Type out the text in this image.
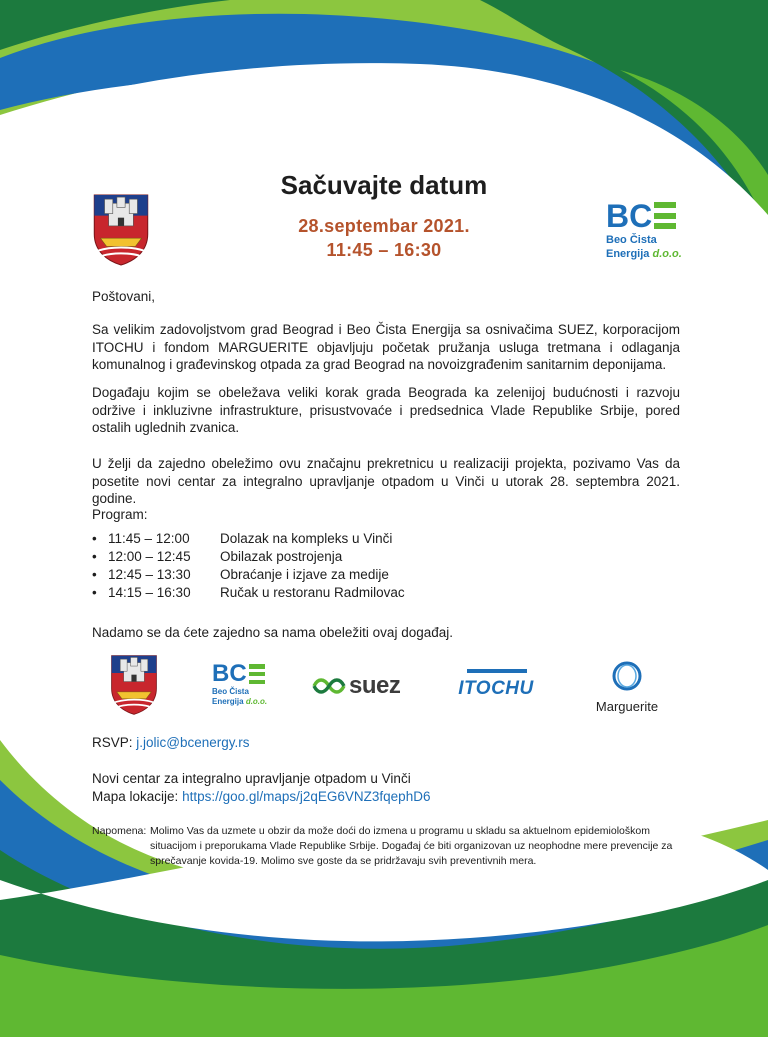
Sačuvajte datum
28.septembar 2021.
11:45 – 16:30
BC
Beo Čista
Energija d.o.o.
Poštovani,

Sa velikim zadovoljstvom grad Beograd i Beo Čista Energija sa osnivačima SUEZ, korporacijom ITOCHU i fondom MARGUERITE objavljuju početak pružanja usluga tretmana i odlaganja komunalnog i građevinskog otpada za grad Beograd na novoizgrađenim sanitarnim deponijama.

Događaju kojim se obeležava veliki korak grada Beograda ka zelenijoj budućnosti i razvoju održive i inkluzivne infrastrukture, prisustvovaće i predsednica Vlade Republike Srbije, pored ostalih uglednih zvanica.

U želji da zajedno obeležimo ovu značajnu prekretnicu u realizaciji projekta, pozivamo Vas da posetite novi centar za integralno upravljanje otpadom u Vinči u utorak 28. septembra 2021. godine.

Program:
• 11:45 – 12:00 Dolazak na kompleks u Vinči
• 12:00 – 12:45 Obilazak postrojenja
• 12:45 – 13:30 Obraćanje i izjave za medije
• 14:15 – 16:30 Ručak u restoranu Radmilovac
Nadamo se da ćete zajedno sa nama obeležiti ovaj događaj.
BC
Beo Čista
Energija d.o.o.
suez	ITOCHU
Marguerite
RSVP: j.jolic@bcenergy.rs
Novi centar za integralno upravljanje otpadom u Vinči
Mapa lokacije: https://goo.gl/maps/j2qEG6VNZ3fqephD6
Napomena: Molimo Vas da uzmete u obzir da može doći do izmena u programu u skladu sa aktuelnom epidemiološkom situacijom i preporukama Vlade Republike Srbije. Događaj će biti organizovan uz neophodne mere prevencije za sprečavanje kovida-19. Molimo sve goste da se pridržavaju svih preventivnih mera.
